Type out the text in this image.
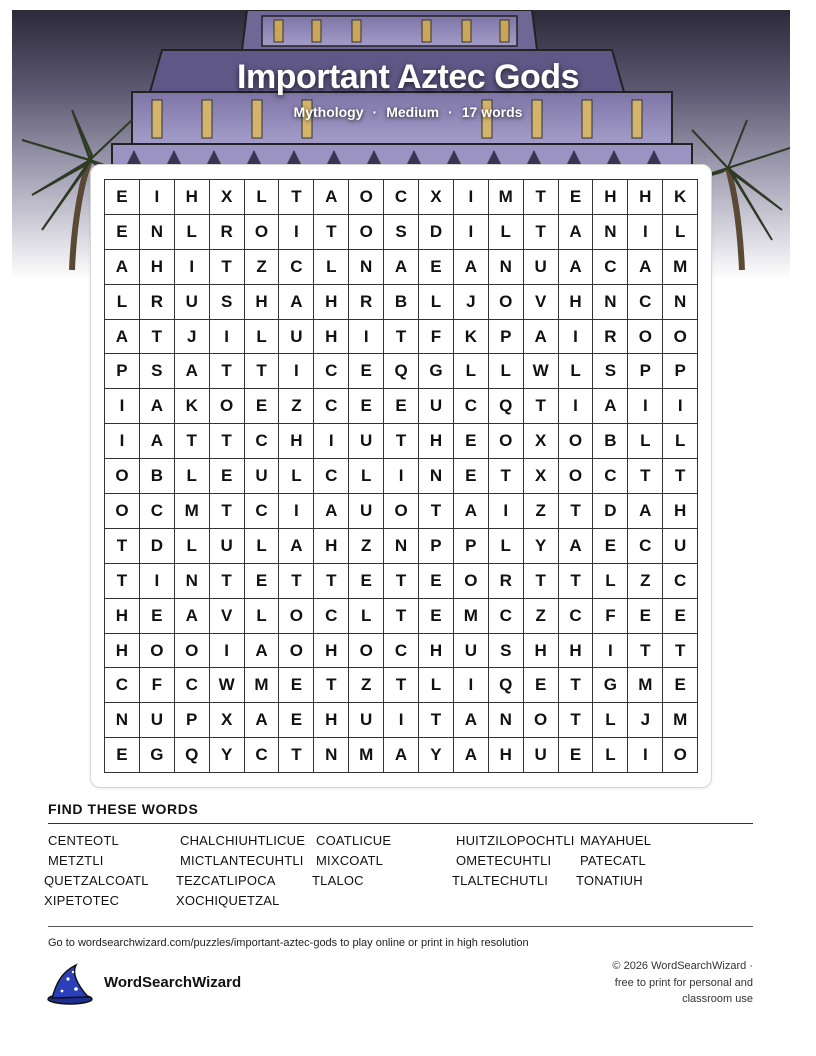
Important Aztec Gods
Mythology · Medium · 17 words
E	I	H	X	L	T	A	O	C	X	I	M	T	E	H	H	K
E	N	L	R	O	I	T	O	S	D	I	L	T	A	N	I	L
A	H	I	T	Z	C	L	N	A	E	A	N	U	A	C	A	M
L	R	U	S	H	A	H	R	B	L	J	O	V	H	N	C	N
A	T	J	I	L	U	H	I	T	F	K	P	A	I	R	O	O
P	S	A	T	T	I	C	E	Q	G	L	L	W	L	S	P	P
I	A	K	O	E	Z	C	E	E	U	C	Q	T	I	A	I	I
I	A	T	T	C	H	I	U	T	H	E	O	X	O	B	L	L
O	B	L	E	U	L	C	L	I	N	E	T	X	O	C	T	T
O	C	M	T	C	I	A	U	O	T	A	I	Z	T	D	A	H
T	D	L	U	L	A	H	Z	N	P	P	L	Y	A	E	C	U
T	I	N	T	E	T	T	E	T	E	O	R	T	T	L	Z	C
H	E	A	V	L	O	C	L	T	E	M	C	Z	C	F	E	E
H	O	O	I	A	O	H	O	C	H	U	S	H	H	I	T	T
C	F	C	W	M	E	T	Z	T	L	I	Q	E	T	G	M	E
N	U	P	X	A	E	H	U	I	T	A	N	O	T	L	J	M
E	G	Q	Y	C	T	N	M	A	Y	A	H	U	E	L	I	O
FIND THESE WORDS
CENTEOTL	CHALCHIUHTLICUE COATLICUE	HUITZILOPOCHTLI MAYAHUEL
METZTLI	MICTLANTECUHTLI MIXCOATL	OMETECUHTLI PATECATL
QUETZALCOATL TEZCATLIPOCA	TLALOC	TLALTECHUTLI TONATIUH
XIPETOTEC	XOCHIQUETZAL
Go to wordsearchwizard.com/puzzles/important-aztec-gods to play online or print in high resolution
WordSearchWizard
© 2026 WordSearchWizard ·
free to print for personal and
classroom use
